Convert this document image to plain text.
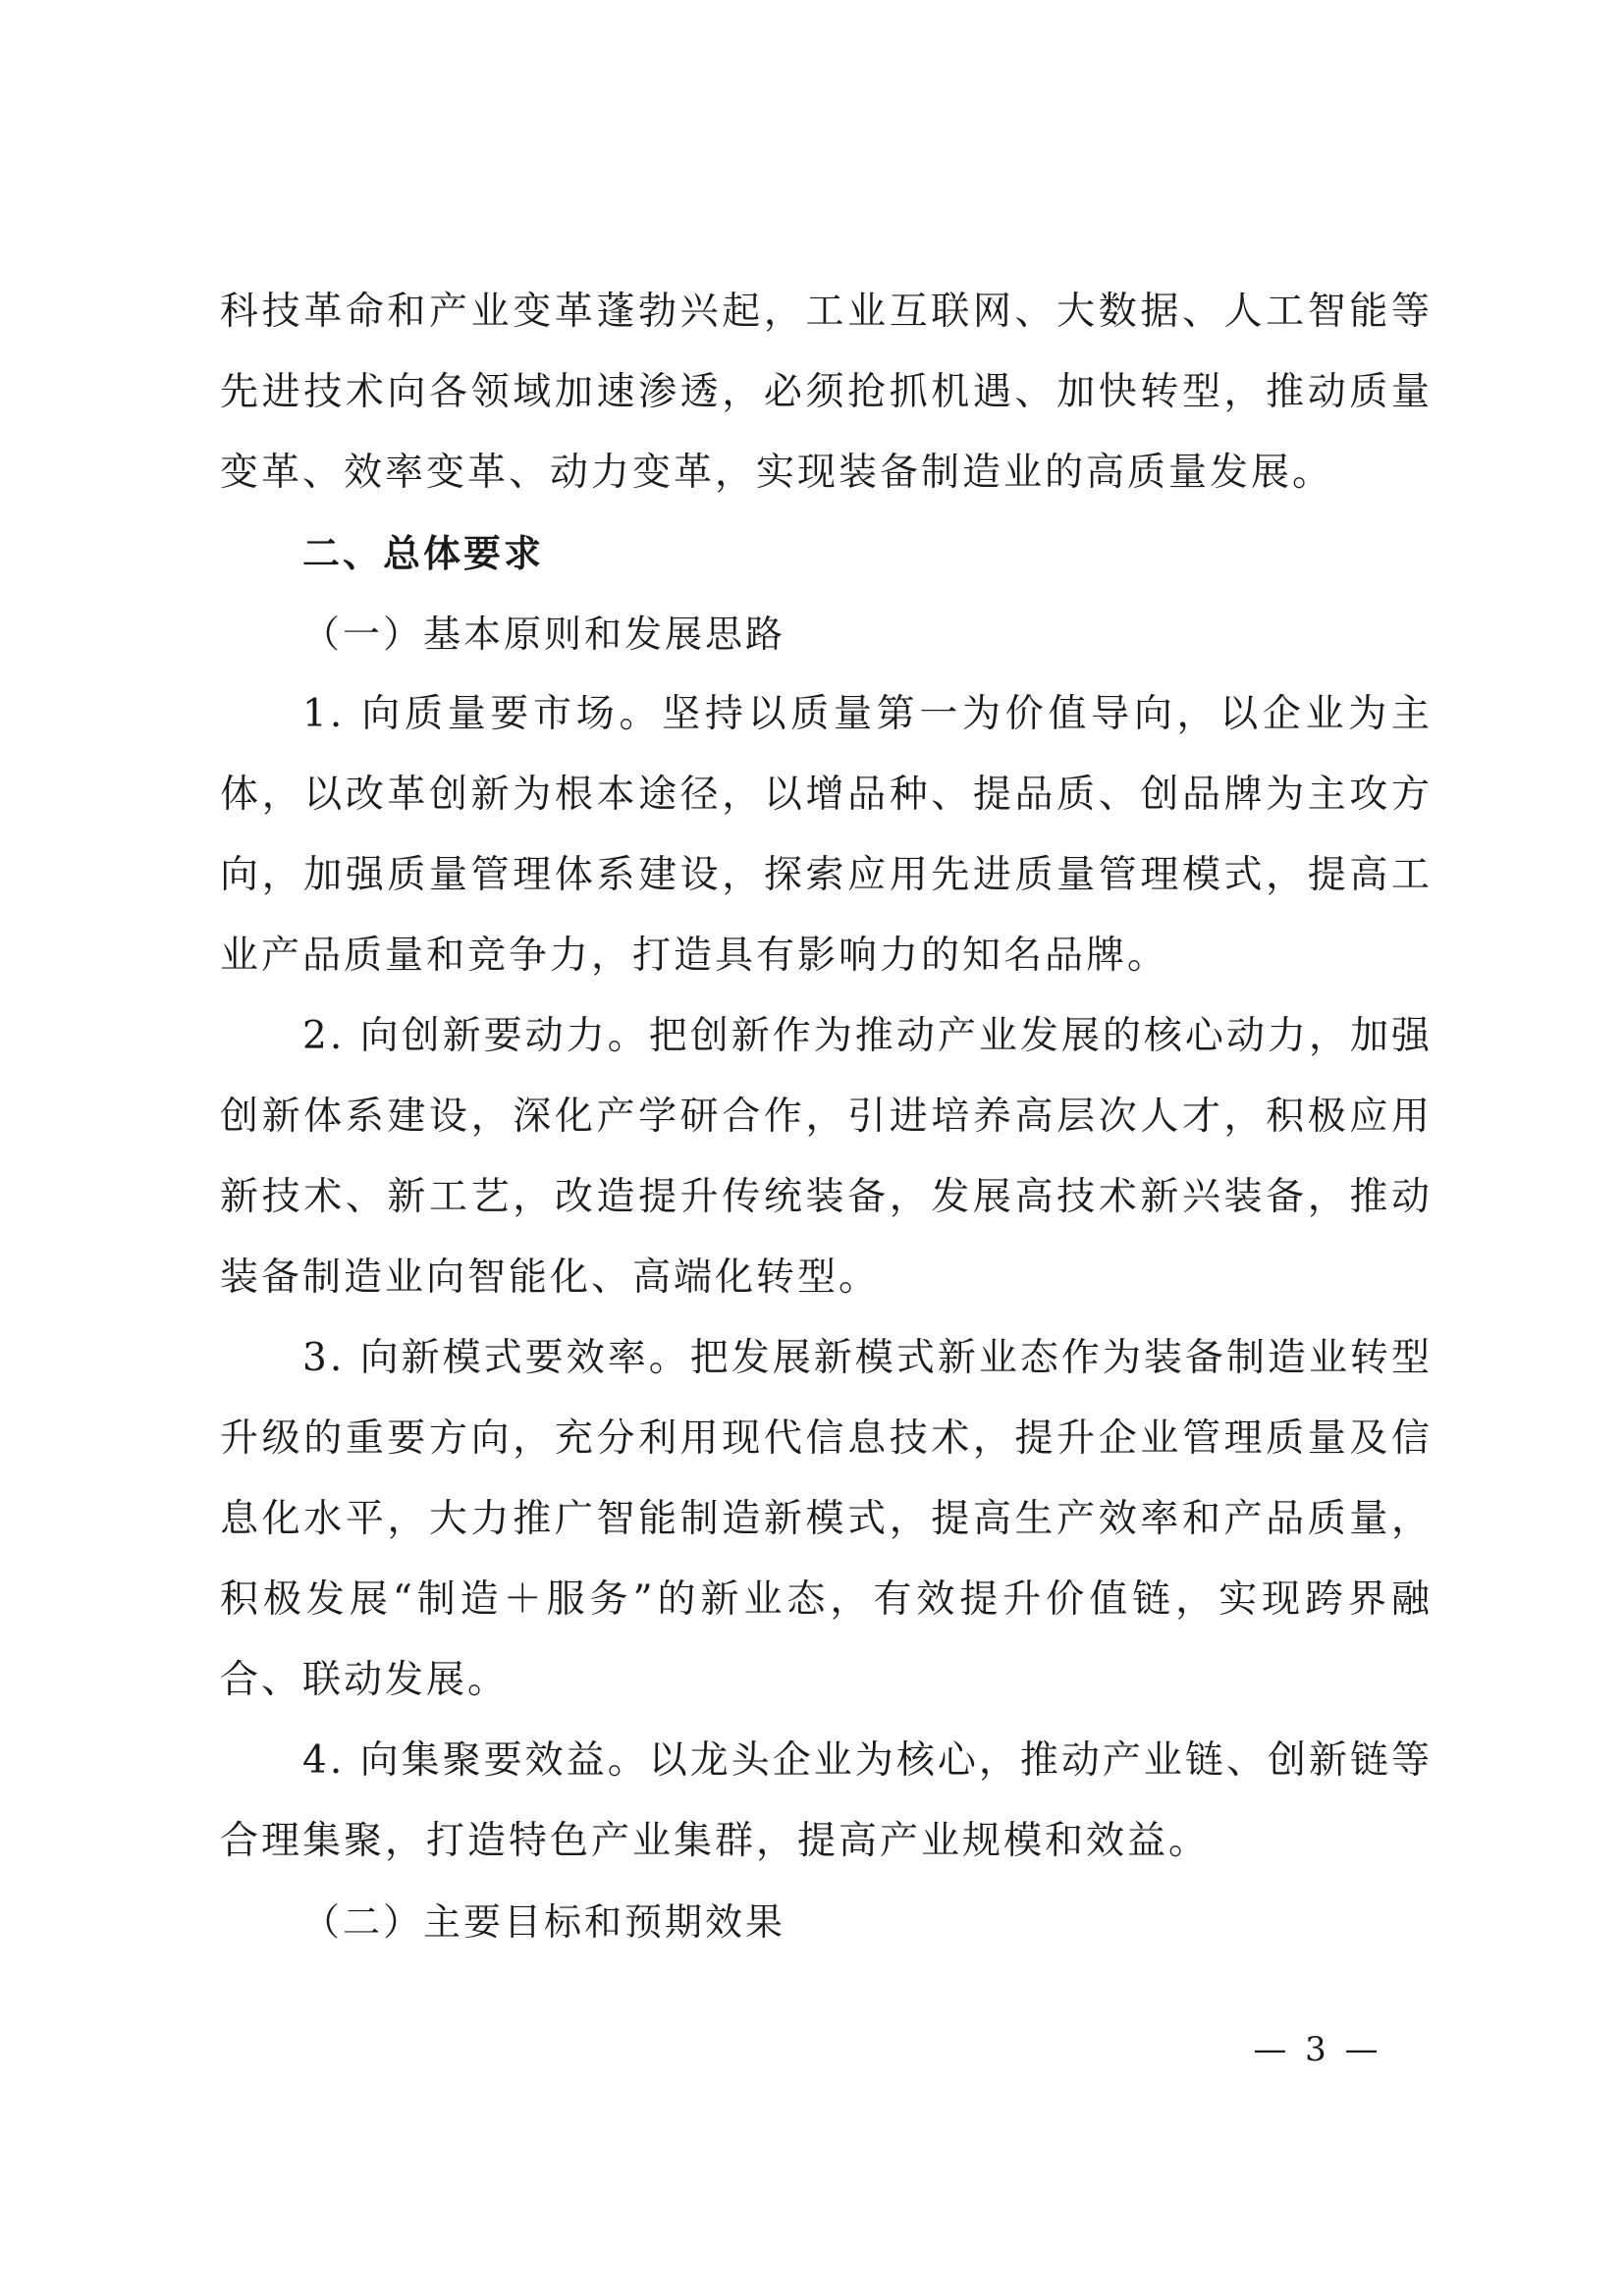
科技革命和产业变革蓬勃兴起，工业互联网、大数据、人工智能等先进技术向各领域加速渗透，必须抢抓机遇、加快转型，推动质量变革、效率变革、动力变革，实现装备制造业的高质量发展。

二、总体要求

（一）基本原则和发展思路

1. 向质量要市场。坚持以质量第一为价值导向，以企业为主体，以改革创新为根本途径，以增品种、提品质、创品牌为主攻方向，加强质量管理体系建设，探索应用先进质量管理模式，提高工业产品质量和竞争力，打造具有影响力的知名品牌。

2. 向创新要动力。把创新作为推动产业发展的核心动力，加强创新体系建设，深化产学研合作，引进培养高层次人才，积极应用新技术、新工艺，改造提升传统装备，发展高技术新兴装备，推动装备制造业向智能化、高端化转型。

3. 向新模式要效率。把发展新模式新业态作为装备制造业转型升级的重要方向，充分利用现代信息技术，提升企业管理质量及信息化水平，大力推广智能制造新模式，提高生产效率和产品质量，积极发展“制造＋服务”的新业态，有效提升价值链，实现跨界融合、联动发展。

4. 向集聚要效益。以龙头企业为核心，推动产业链、创新链等合理集聚，打造特色产业集群，提高产业规模和效益。

（二）主要目标和预期效果

— 3 —
